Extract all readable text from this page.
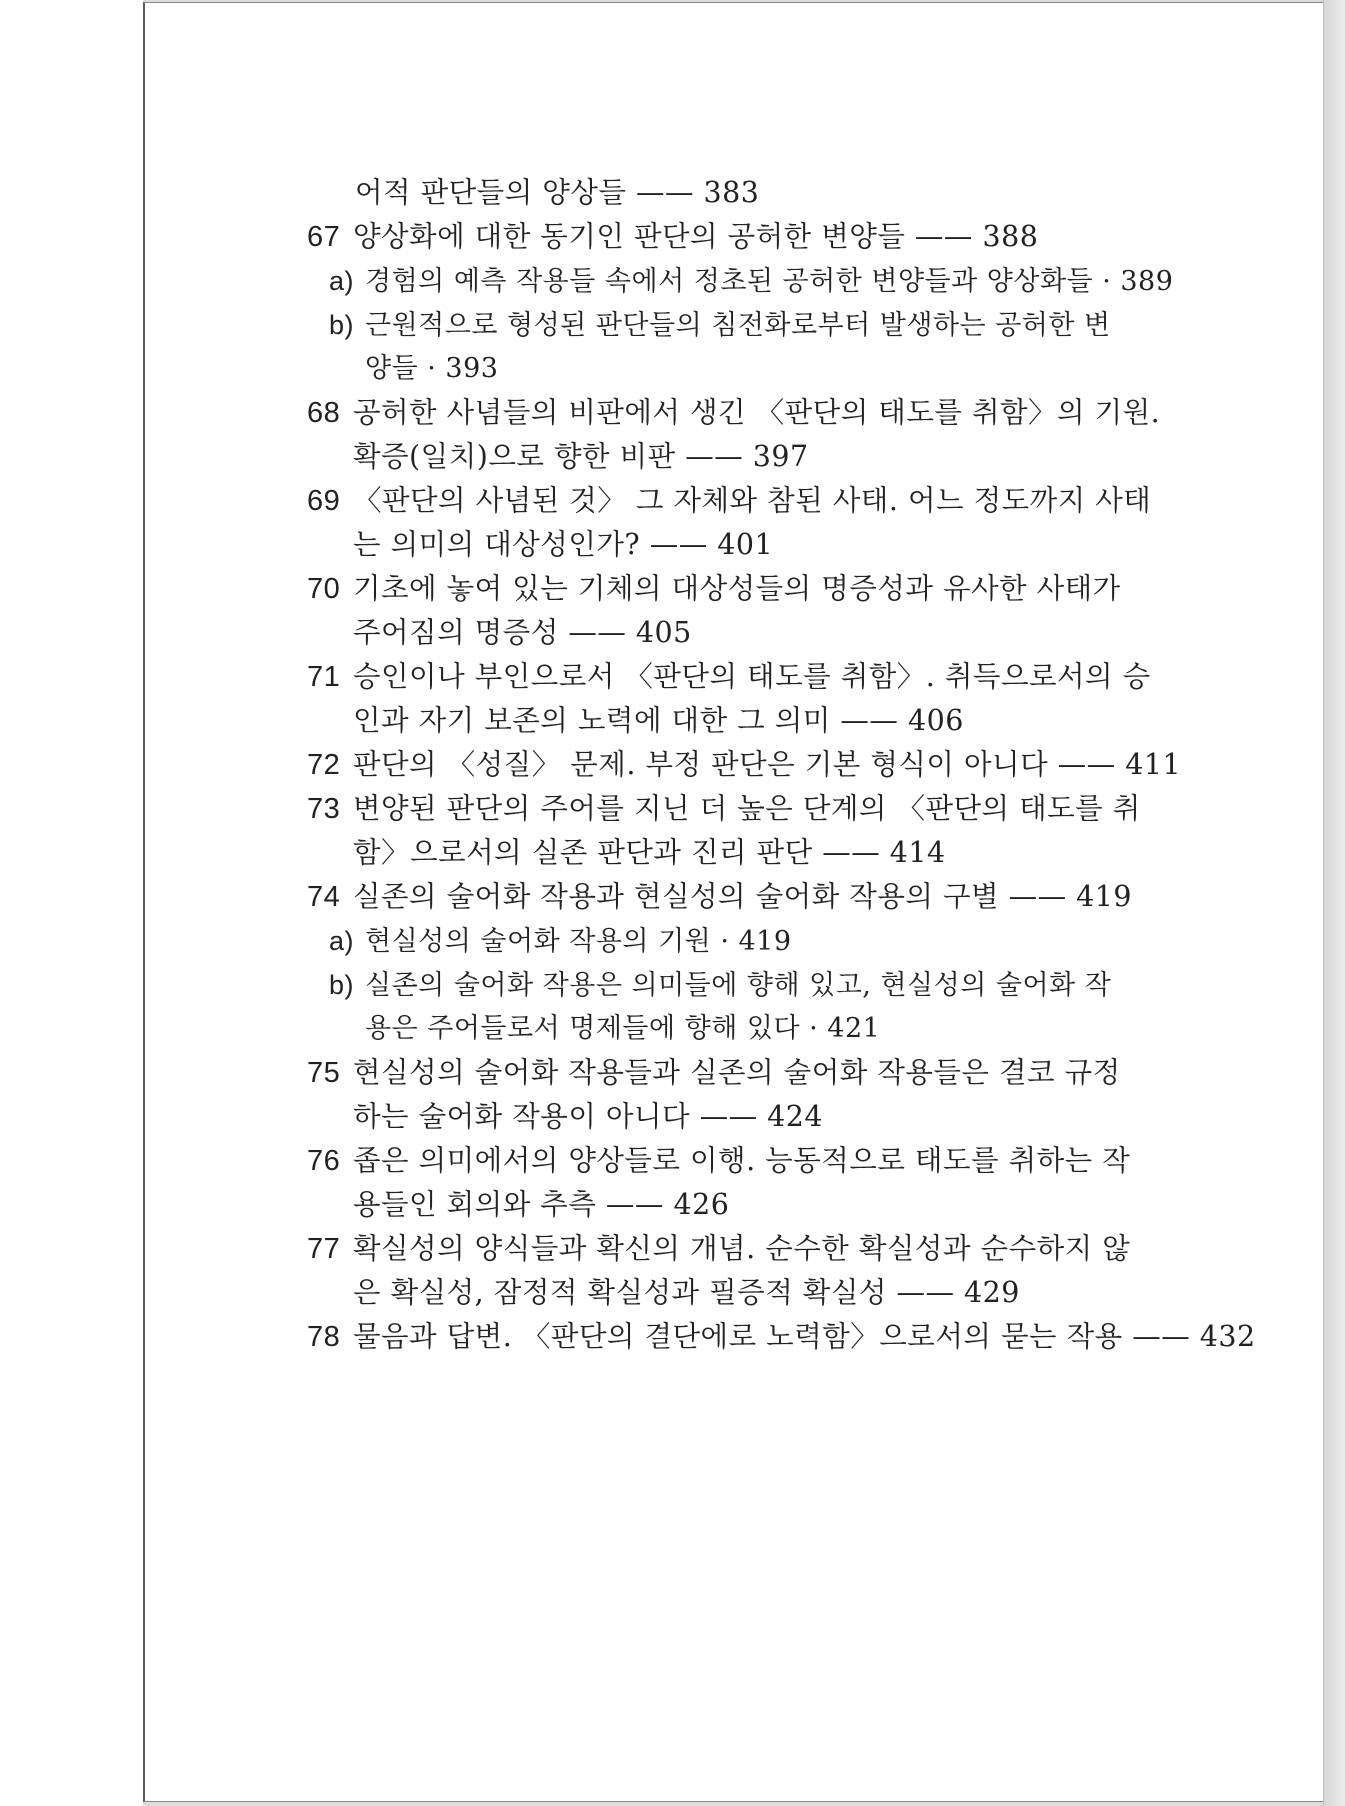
어적 판단들의 양상들 —— 383
67 양상화에 대한 동기인 판단의 공허한 변양들 —— 388
a) 경험의 예측 작용들 속에서 정초된 공허한 변양들과 양상화들 · 389
b) 근원적으로 형성된 판단들의 침전화로부터 발생하는 공허한 변
양들 · 393
68 공허한 사념들의 비판에서 생긴 〈판단의 태도를 취함〉의 기원.
확증(일치)으로 향한 비판 —— 397
69 〈판단의 사념된 것〉 그 자체와 참된 사태. 어느 정도까지 사태
는 의미의 대상성인가? —— 401
70 기초에 놓여 있는 기체의 대상성들의 명증성과 유사한 사태가
주어짐의 명증성 —— 405
71 승인이나 부인으로서 〈판단의 태도를 취함〉. 취득으로서의 승
인과 자기 보존의 노력에 대한 그 의미 —— 406
72 판단의 〈성질〉 문제. 부정 판단은 기본 형식이 아니다 —— 411
73 변양된 판단의 주어를 지닌 더 높은 단계의 〈판단의 태도를 취
함〉으로서의 실존 판단과 진리 판단 —— 414
74 실존의 술어화 작용과 현실성의 술어화 작용의 구별 —— 419
a) 현실성의 술어화 작용의 기원 · 419
b) 실존의 술어화 작용은 의미들에 향해 있고, 현실성의 술어화 작
용은 주어들로서 명제들에 향해 있다 · 421
75 현실성의 술어화 작용들과 실존의 술어화 작용들은 결코 규정
하는 술어화 작용이 아니다 —— 424
76 좁은 의미에서의 양상들로 이행. 능동적으로 태도를 취하는 작
용들인 회의와 추측 —— 426
77 확실성의 양식들과 확신의 개념. 순수한 확실성과 순수하지 않
은 확실성, 잠정적 확실성과 필증적 확실성 —— 429
78 물음과 답변. 〈판단의 결단에로 노력함〉으로서의 묻는 작용 —— 432
